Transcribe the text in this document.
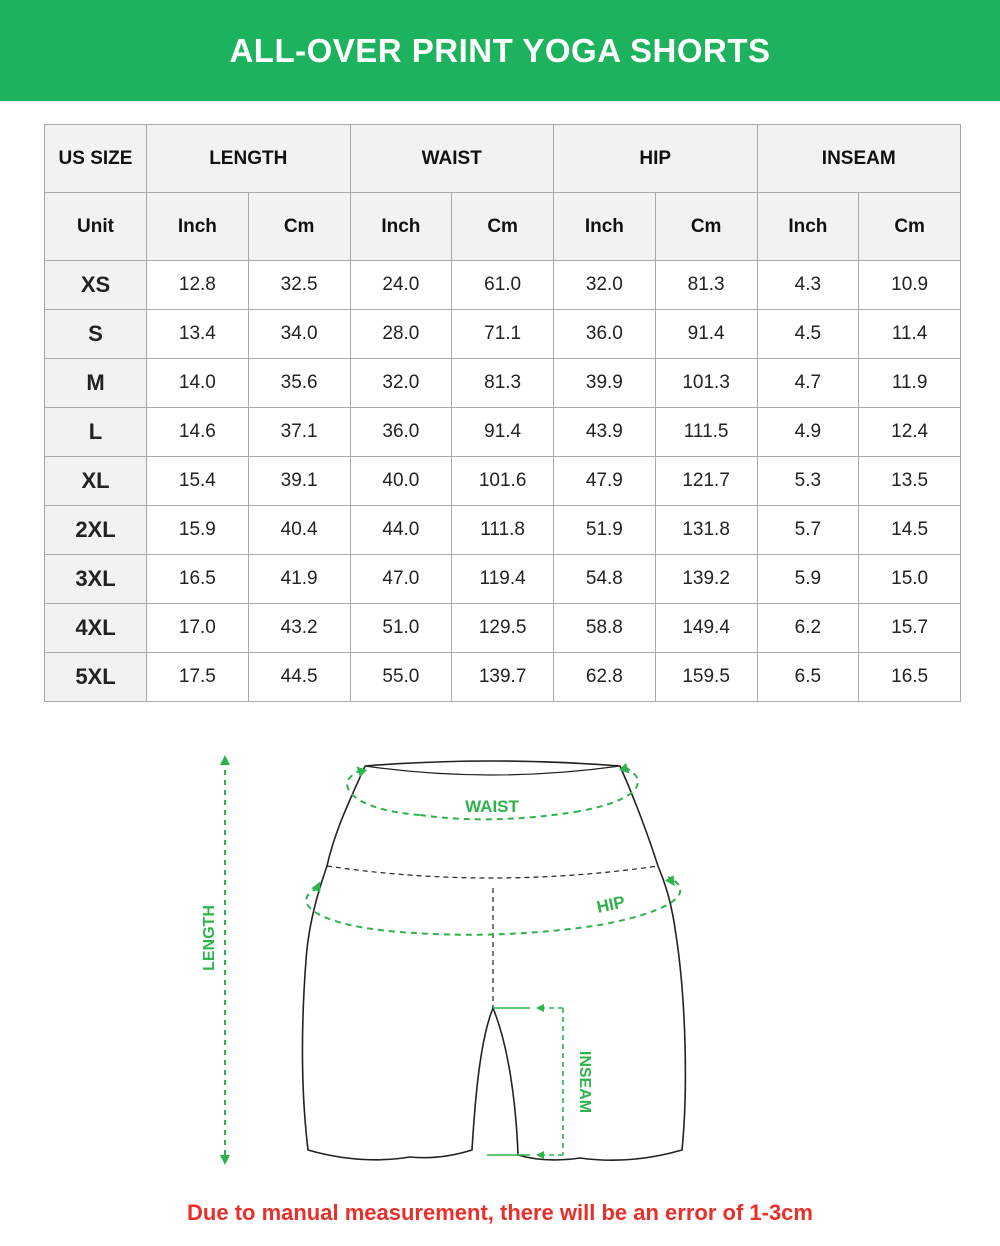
ALL-OVER PRINT YOGA SHORTS
US SIZE	LENGTH		WAIST		HIP		INSEAM	
Unit	Inch	Cm	Inch	Cm	Inch	Cm	Inch	Cm
XS	12.8	32.5	24.0	61.0	32.0	81.3	4.3	10.9
S	13.4	34.0	28.0	71.1	36.0	91.4	4.5	11.4
M	14.0	35.6	32.0	81.3	39.9	101.3	4.7	11.9
L	14.6	37.1	36.0	91.4	43.9	111.5	4.9	12.4
XL	15.4	39.1	40.0	101.6	47.9	121.7	5.3	13.5
2XL	15.9	40.4	44.0	111.8	51.9	131.8	5.7	14.5
3XL	16.5	41.9	47.0	119.4	54.8	139.2	5.9	15.0
4XL	17.0	43.2	51.0	129.5	58.8	149.4	6.2	15.7
5XL	17.5	44.5	55.0	139.7	62.8	159.5	6.5	16.5
WAIST
HIP
LENGTH
INSEAM
Due to manual measurement, there will be an error of 1-3cm
